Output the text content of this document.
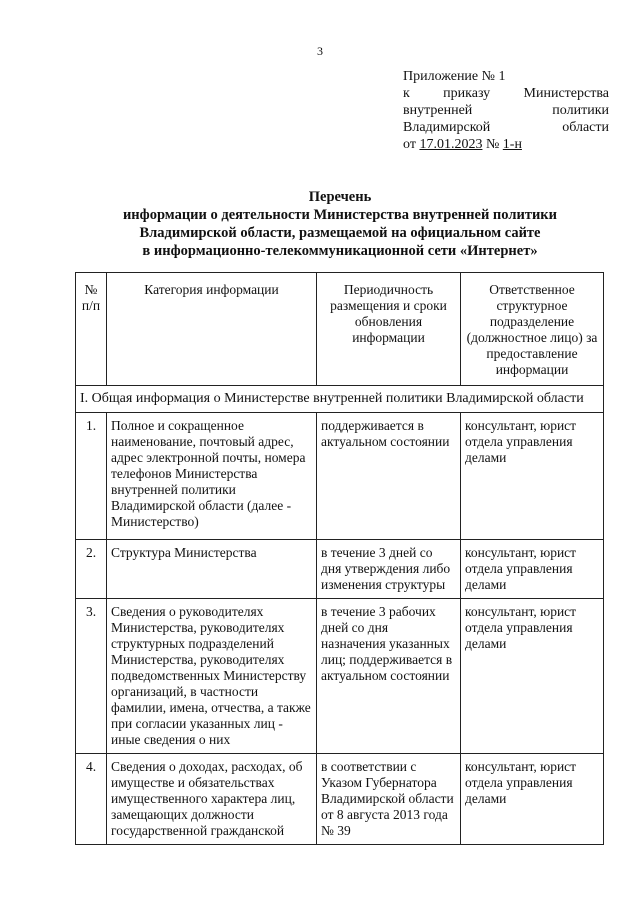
3
Приложение № 1
к приказу Министерства
внутренней	политики
Владимирской	области
от 17.01.2023 № 1-н
Перечень
информации о деятельности Министерства внутренней политики
Владимирской области, размещаемой на официальном сайте
в информационно-телекоммуникационной сети «Интернет»
№ п/п	Категория информации	Периодичность размещения и сроки обновления информации	Ответственное структурное подразделение (должностное лицо) за предоставление информации
I. Общая информация о Министерстве внутренней политики Владимирской области			
1.	Полное и сокращенное наименование, почтовый адрес, адрес электронной почты, номера телефонов Министерства внутренней политики Владимирской области (далее - Министерство)	поддерживается в актуальном состоянии	консультант, юрист отдела управления делами
2.	Структура Министерства	в течение 3 дней со дня утверждения либо изменения структуры	консультант, юрист отдела управления делами
3.	Сведения о руководителях Министерства, руководителях структурных подразделений Министерства, руководителях подведомственных Министерству организаций, в частности фамилии, имена, отчества, а также при согласии указанных лиц - иные сведения о них	в течение 3 рабочих дней со дня назначения указанных лиц; поддерживается в актуальном состоянии	консультант, юрист отдела управления делами
4.	Сведения о доходах, расходах, об имуществе и обязательствах имущественного характера лиц, замещающих должности государственной гражданской	в соответствии с Указом Губернатора Владимирской области от 8 августа 2013 года № 39	консультант, юрист отдела управления делами
